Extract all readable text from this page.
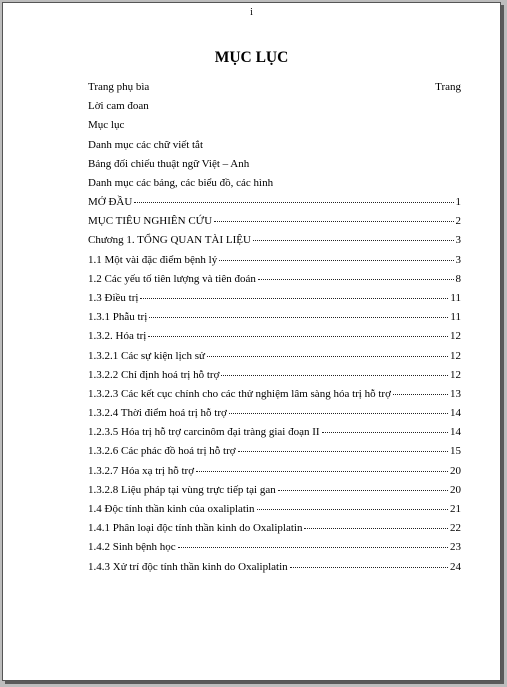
i
MỤC LỤC
Trang phụ bìa	Trang
Lời cam đoan
Mục lục
Danh mục các chữ viết tắt
Bảng đối chiếu thuật ngữ Việt – Anh
Danh mục các bảng, các biểu đồ, các hình
MỞ ĐẦU	1
MỤC TIÊU NGHIÊN CỨU	2
Chương 1. TỔNG QUAN TÀI LIỆU	3
1.1 Một vài đặc điểm bệnh lý	3
1.2 Các yếu tố tiên lượng và tiên đoán	8
1.3 Điều trị	11
1.3.1 Phẫu trị	11
1.3.2. Hóa trị	12
1.3.2.1 Các sự kiện lịch sử	12
1.3.2.2 Chỉ định hoá trị hỗ trợ	12
1.3.2.3 Các kết cục chính cho các thử nghiệm lâm sàng hóa trị hỗ trợ	13
1.3.2.4 Thời điểm hoá trị hỗ trợ	14
1.2.3.5 Hóa trị hỗ trợ carcinôm đại tràng giai đoạn II	14
1.3.2.6 Các phác đồ hoá trị hỗ trợ	15
1.3.2.7 Hóa xạ trị hỗ trợ	20
1.3.2.8 Liệu pháp tại vùng trực tiếp tại gan	20
1.4 Độc tính thần kinh của oxaliplatin	21
1.4.1 Phân loại độc tính thần kinh do Oxaliplatin	22
1.4.2 Sinh bệnh học	23
1.4.3 Xử trí độc tính thần kinh do Oxaliplatin	24
